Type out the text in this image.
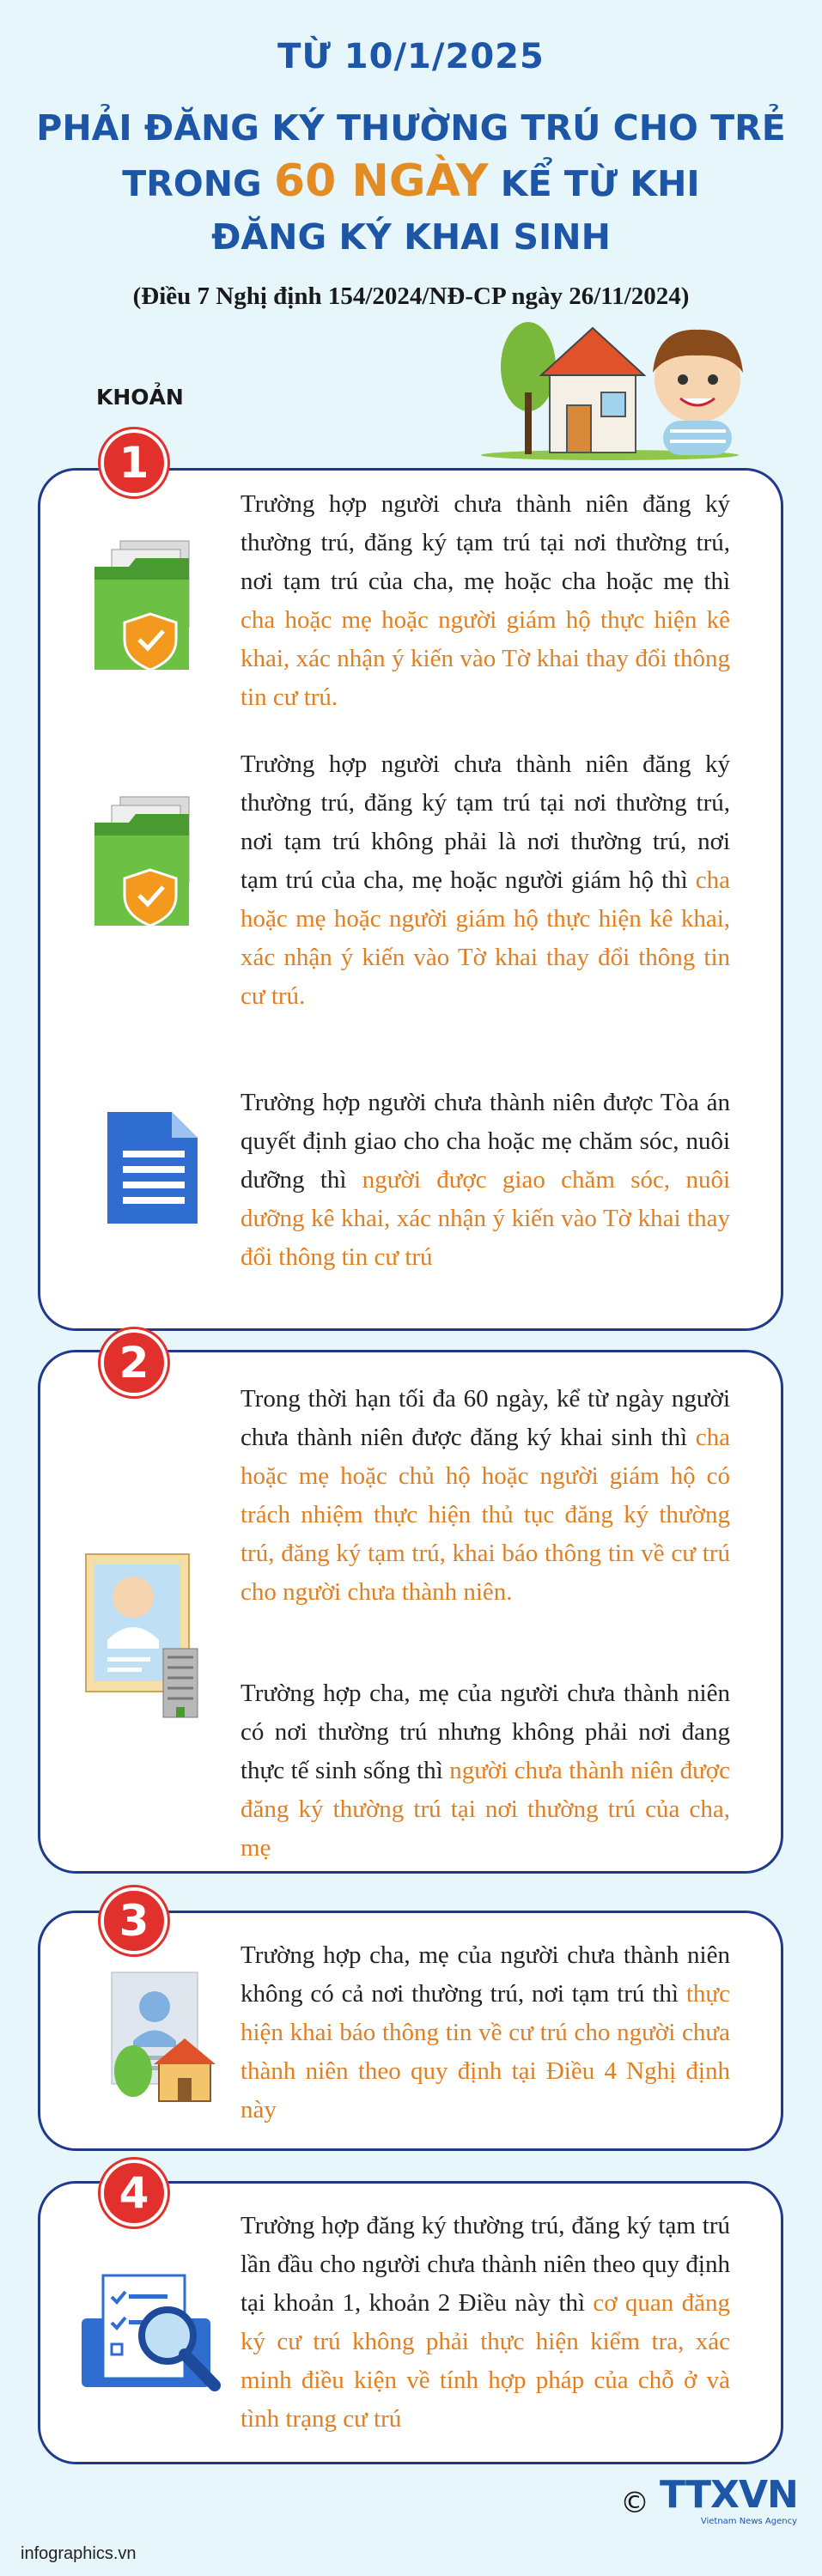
TỪ 10/1/2025
PHẢI ĐĂNG KÝ THƯỜNG TRÚ CHO TRẺ
TRONG 60 NGÀY KỂ TỪ KHI
ĐĂNG KÝ KHAI SINH
(Điều 7 Nghị định 154/2024/NĐ-CP ngày 26/11/2024)
KHOẢN
1
Trường hợp người chưa thành niên đăng ký thường trú, đăng ký tạm trú tại nơi thường trú, nơi tạm trú của cha, mẹ hoặc cha hoặc mẹ thì cha hoặc mẹ hoặc người giám hộ thực hiện kê khai, xác nhận ý kiến vào Tờ khai thay đổi thông tin cư trú.
Trường hợp người chưa thành niên đăng ký thường trú, đăng ký tạm trú tại nơi thường trú, nơi tạm trú không phải là nơi thường trú, nơi tạm trú của cha, mẹ hoặc người giám hộ thì cha hoặc mẹ hoặc người giám hộ thực hiện kê khai, xác nhận ý kiến vào Tờ khai thay đổi thông tin cư trú.
Trường hợp người chưa thành niên được Tòa án quyết định giao cho cha hoặc mẹ chăm sóc, nuôi dưỡng thì người được giao chăm sóc, nuôi dưỡng kê khai, xác nhận ý kiến vào Tờ khai thay đổi thông tin cư trú
2
Trong thời hạn tối đa 60 ngày, kể từ ngày người chưa thành niên được đăng ký khai sinh thì cha hoặc mẹ hoặc chủ hộ hoặc người giám hộ có trách nhiệm thực hiện thủ tục đăng ký thường trú, đăng ký tạm trú, khai báo thông tin về cư trú cho người chưa thành niên.
Trường hợp cha, mẹ của người chưa thành niên có nơi thường trú nhưng không phải nơi đang thực tế sinh sống thì người chưa thành niên được đăng ký thường trú tại nơi thường trú của cha, mẹ
3
Trường hợp cha, mẹ của người chưa thành niên không có cả nơi thường trú, nơi tạm trú thì thực hiện khai báo thông tin về cư trú cho người chưa thành niên theo quy định tại Điều 4 Nghị định này
4
Trường hợp đăng ký thường trú, đăng ký tạm trú lần đầu cho người chưa thành niên theo quy định tại khoản 1, khoản 2 Điều này thì cơ quan đăng ký cư trú không phải thực hiện kiểm tra, xác minh điều kiện về tính hợp pháp của chỗ ở và tình trạng cư trú
© TTXVN
Vietnam News Agency
infographics.vn
